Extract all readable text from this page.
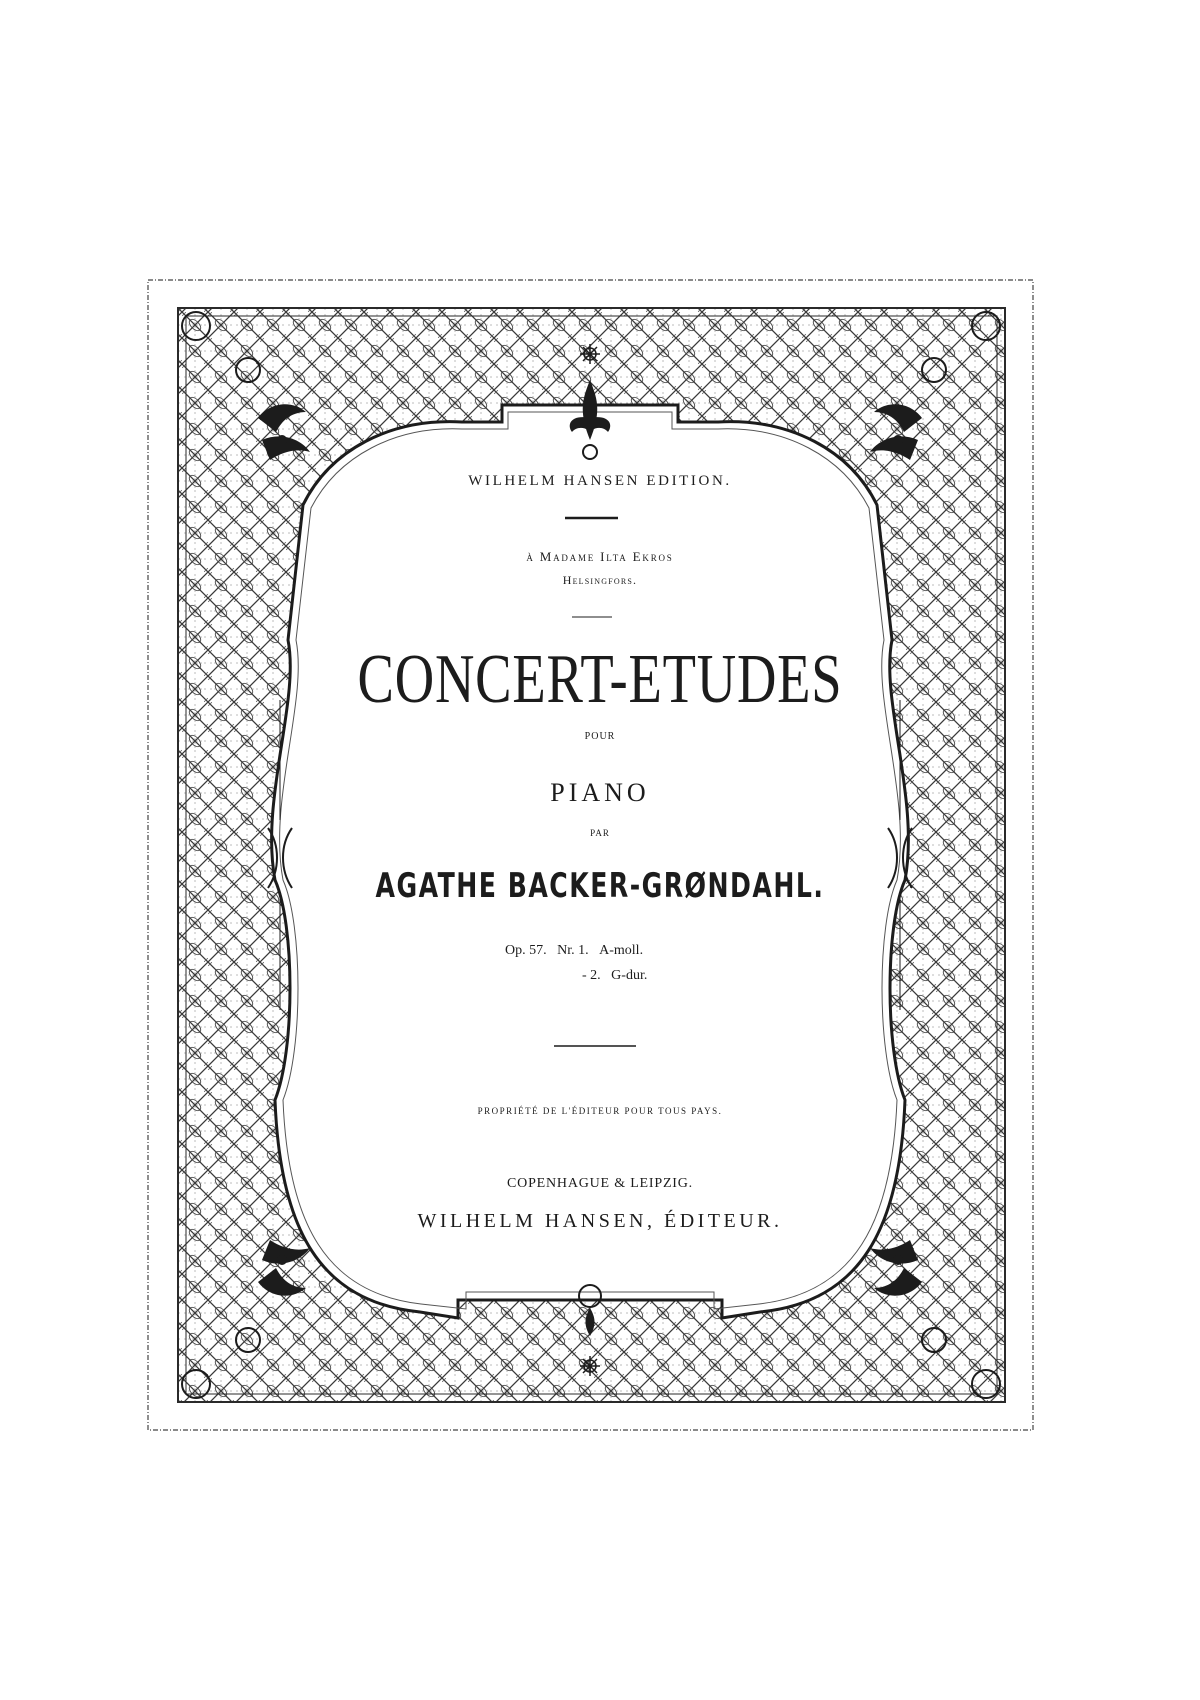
WILHELM HANSEN EDITION.
à Madame Ilta Ekros
Helsingfors.
CONCERT-ETUDES
POUR
PIANO
PAR
AGATHE BACKER-GRØNDAHL.
Op. 57. Nr. 1. A-moll.
- 2. G-dur.
PROPRIÉTÉ DE L'ÉDITEUR POUR TOUS PAYS.
COPENHAGUE & LEIPZIG.
WILHELM HANSEN, ÉDITEUR.
